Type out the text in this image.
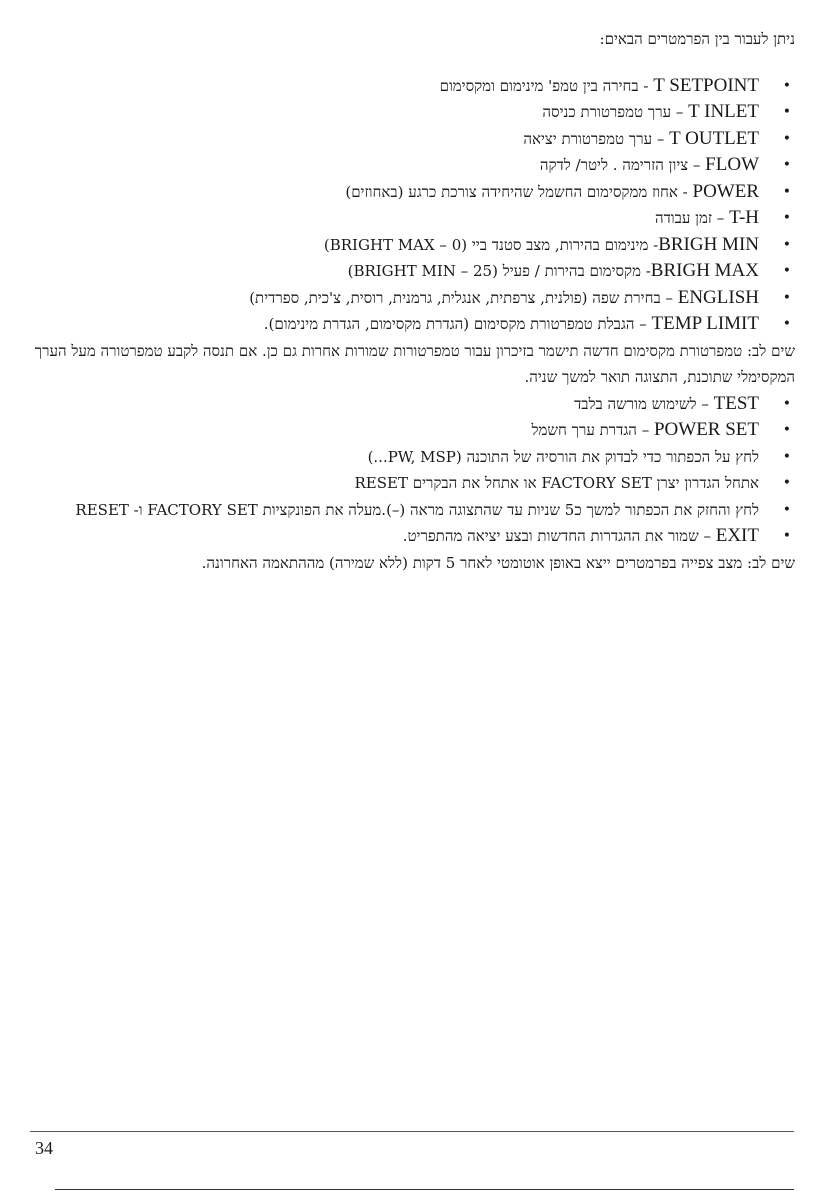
ניתן לעבור בין הפרמטרים הבאים:

•
T SETPOINT - בחירה בין טמפ' מינימום ומקסימום
•
T INLET – ערך טמפרטורת כניסה
•
T OUTLET – ערך טמפרטורת יציאה
•
FLOW – ציון הזרימה . ליטר/ לדקה
•
POWER - אחוז ממקסימום החשמל שהיחידה צורכת כרגע (באחוזים)
•
T-H – זמן עבודה
•
BRIGH MIN- מינימום בהירות, מצב סטנד ביי (BRIGHT MAX – 0)
•
BRIGH MAX- מקסימום בהירות / פעיל (BRIGHT MIN – 25)
•
ENGLISH – בחירת שפה (פולנית, צרפתית, אנגלית, גרמנית, רוסית, צ'כית, ספרדית)
•
TEMP LIMIT – הגבלת טמפרטורת מקסימום (הגדרת מקסימום, הגדרת מינימום).

שים לב: טמפרטורת מקסימום חדשה תישמר בזיכרון עבור טמפרטורות שמורות אחרות גם כן. אם תנסה לקבע טמפרטורה מעל הערך המקסימלי שתוכנת, התצוגה תואר למשך שניה.

•
TEST – לשימוש מורשה בלבד
•
POWER SET – הגדרת ערך חשמל
•
לחץ על הכפתור כדי לבדוק את הורסיה של התוכנה (PW, MSP...)
•
אתחל הגדרון יצרן FACTORY SET או אתחל את הבקרים RESET
•
לחץ והחזק את הכפתור למשך כ5 שניות עד שהתצוגה מראה (–).מעלה את הפונקציות FACTORY SET ו- RESET
•
EXIT – שמור את ההגדרות החדשות ובצע יציאה מהתפריט.

שים לב: מצב צפייה בפרמטרים ייצא באופן אוטומטי לאחר 5 דקות (ללא שמירה) מההתאמה האחרונה.

34
